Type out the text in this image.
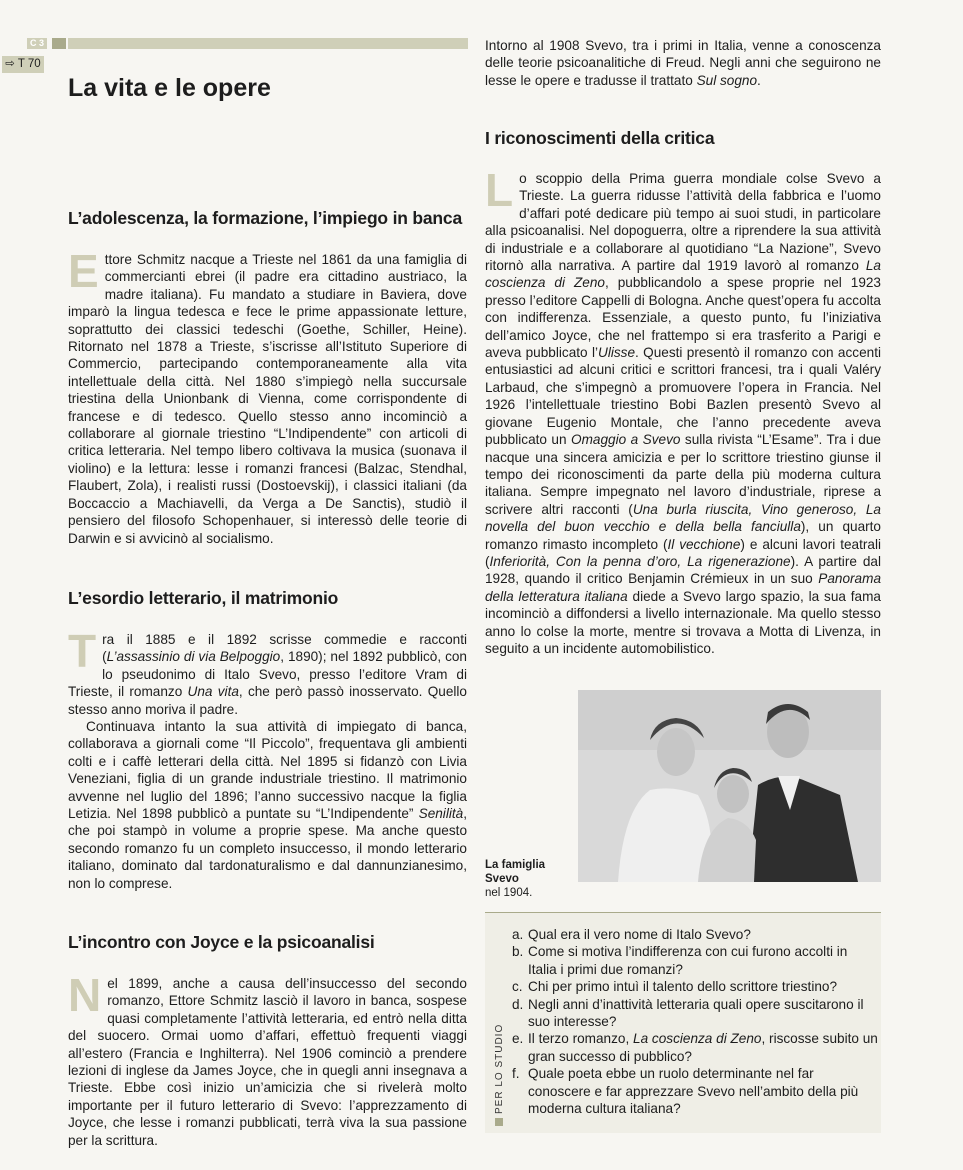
C 3
⇨ T 70
La vita e le opere
L’adolescenza, la formazione, l’impiego in banca
Ettore Schmitz nacque a Trieste nel 1861 da una famiglia di commercianti ebrei (il padre era cittadino austriaco, la madre italiana). Fu mandato a studiare in Baviera, dove imparò la lingua tedesca e fece le prime appassionate letture, soprattutto dei classici tedeschi (Goethe, Schiller, Heine). Ritornato nel 1878 a Trieste, s’iscrisse all’Istituto Superiore di Commercio, partecipando contemporaneamente alla vita intellettuale della città. Nel 1880 s’impiegò nella succursale triestina della Unionbank di Vienna, come corrispondente di francese e di tedesco. Quello stesso anno incominciò a collaborare al giornale triestino “L’Indipendente” con articoli di critica letteraria. Nel tempo libero coltivava la musica (suonava il violino) e la lettura: lesse i romanzi francesi (Balzac, Stendhal, Flaubert, Zola), i realisti russi (Dostoevskij), i classici italiani (da Boccaccio a Machiavelli, da Verga a De Sanctis), studiò il pensiero del filosofo Schopenhauer, si interessò delle teorie di Darwin e si avvicinò al socialismo.
L’esordio letterario, il matrimonio
Tra il 1885 e il 1892 scrisse commedie e racconti (L’assassinio di via Belpoggio, 1890); nel 1892 pubblicò, con lo pseudonimo di Italo Svevo, presso l’editore Vram di Trieste, il romanzo Una vita, che però passò inosservato. Quello stesso anno moriva il padre.
Continuava intanto la sua attività di impiegato di banca, collaborava a giornali come “Il Piccolo”, frequentava gli ambienti colti e i caffè letterari della città. Nel 1895 si fidanzò con Livia Veneziani, figlia di un grande industriale triestino. Il matrimonio avvenne nel luglio del 1896; l’anno successivo nacque la figlia Letizia. Nel 1898 pubblicò a puntate su “L’Indipendente” Senilità, che poi stampò in volume a proprie spese. Ma anche questo secondo romanzo fu un completo insuccesso, il mondo letterario italiano, dominato dal tardonaturalismo e dal dannunzianesimo, non lo comprese.
L’incontro con Joyce e la psicoanalisi
Nel 1899, anche a causa dell’insuccesso del secondo romanzo, Ettore Schmitz lasciò il lavoro in banca, sospese quasi completamente l’attività letteraria, ed entrò nella ditta del suocero. Ormai uomo d’affari, effettuò frequenti viaggi all’estero (Francia e Inghilterra). Nel 1906 cominciò a prendere lezioni di inglese da James Joyce, che in quegli anni insegnava a Trieste. Ebbe così inizio un’amicizia che si rivelerà molto importante per il futuro letterario di Svevo: l’apprezzamento di Joyce, che lesse i romanzi pubblicati, terrà viva la sua passione per la scrittura.
Intorno al 1908 Svevo, tra i primi in Italia, venne a conoscenza delle teorie psicoanalitiche di Freud. Negli anni che seguirono ne lesse le opere e tradusse il trattato Sul sogno.
I riconoscimenti della critica
Lo scoppio della Prima guerra mondiale colse Svevo a Trieste. La guerra ridusse l’attività della fabbrica e l’uomo d’affari poté dedicare più tempo ai suoi studi, in particolare alla psicoanalisi. Nel dopoguerra, oltre a riprendere la sua attività di industriale e a collaborare al quotidiano “La Nazione”, Svevo ritornò alla narrativa. A partire dal 1919 lavorò al romanzo La coscienza di Zeno, pubblicandolo a spese proprie nel 1923 presso l’editore Cappelli di Bologna. Anche quest’opera fu accolta con indifferenza. Essenziale, a questo punto, fu l’iniziativa dell’amico Joyce, che nel frattempo si era trasferito a Parigi e aveva pubblicato l’Ulisse. Questi presentò il romanzo con accenti entusiastici ad alcuni critici e scrittori francesi, tra i quali Valéry Larbaud, che s’impegnò a promuovere l’opera in Francia. Nel 1926 l’intellettuale triestino Bobi Bazlen presentò Svevo al giovane Eugenio Montale, che l’anno precedente aveva pubblicato un Omaggio a Svevo sulla rivista “L’Esame”. Tra i due nacque una sincera amicizia e per lo scrittore triestino giunse il tempo dei riconoscimenti da parte della più moderna cultura italiana. Sempre impegnato nel lavoro d’industriale, riprese a scrivere altri racconti (Una burla riuscita, Vino generoso, La novella del buon vecchio e della bella fanciulla), un quarto romanzo rimasto incompleto (Il vecchione) e alcuni lavori teatrali (Inferiorità, Con la penna d’oro, La rigenerazione). A partire dal 1928, quando il critico Benjamin Crémieux in un suo Panorama della letteratura italiana diede a Svevo largo spazio, la sua fama incominciò a diffondersi a livello internazionale. Ma quello stesso anno lo colse la morte, mentre si trovava a Motta di Livenza, in seguito a un incidente automobilistico.
La famiglia Svevo
nel 1904.
PER LO STUDIO
a. Qual era il vero nome di Italo Svevo?
b. Come si motiva l’indifferenza con cui furono accolti in Italia i primi due romanzi?
c. Chi per primo intuì il talento dello scrittore triestino?
d. Negli anni d’inattività letteraria quali opere suscitarono il suo interesse?
e. Il terzo romanzo, La coscienza di Zeno, riscosse subito un gran successo di pubblico?
f. Quale poeta ebbe un ruolo determinante nel far conoscere e far apprezzare Svevo nell’ambito della più moderna cultura italiana?
